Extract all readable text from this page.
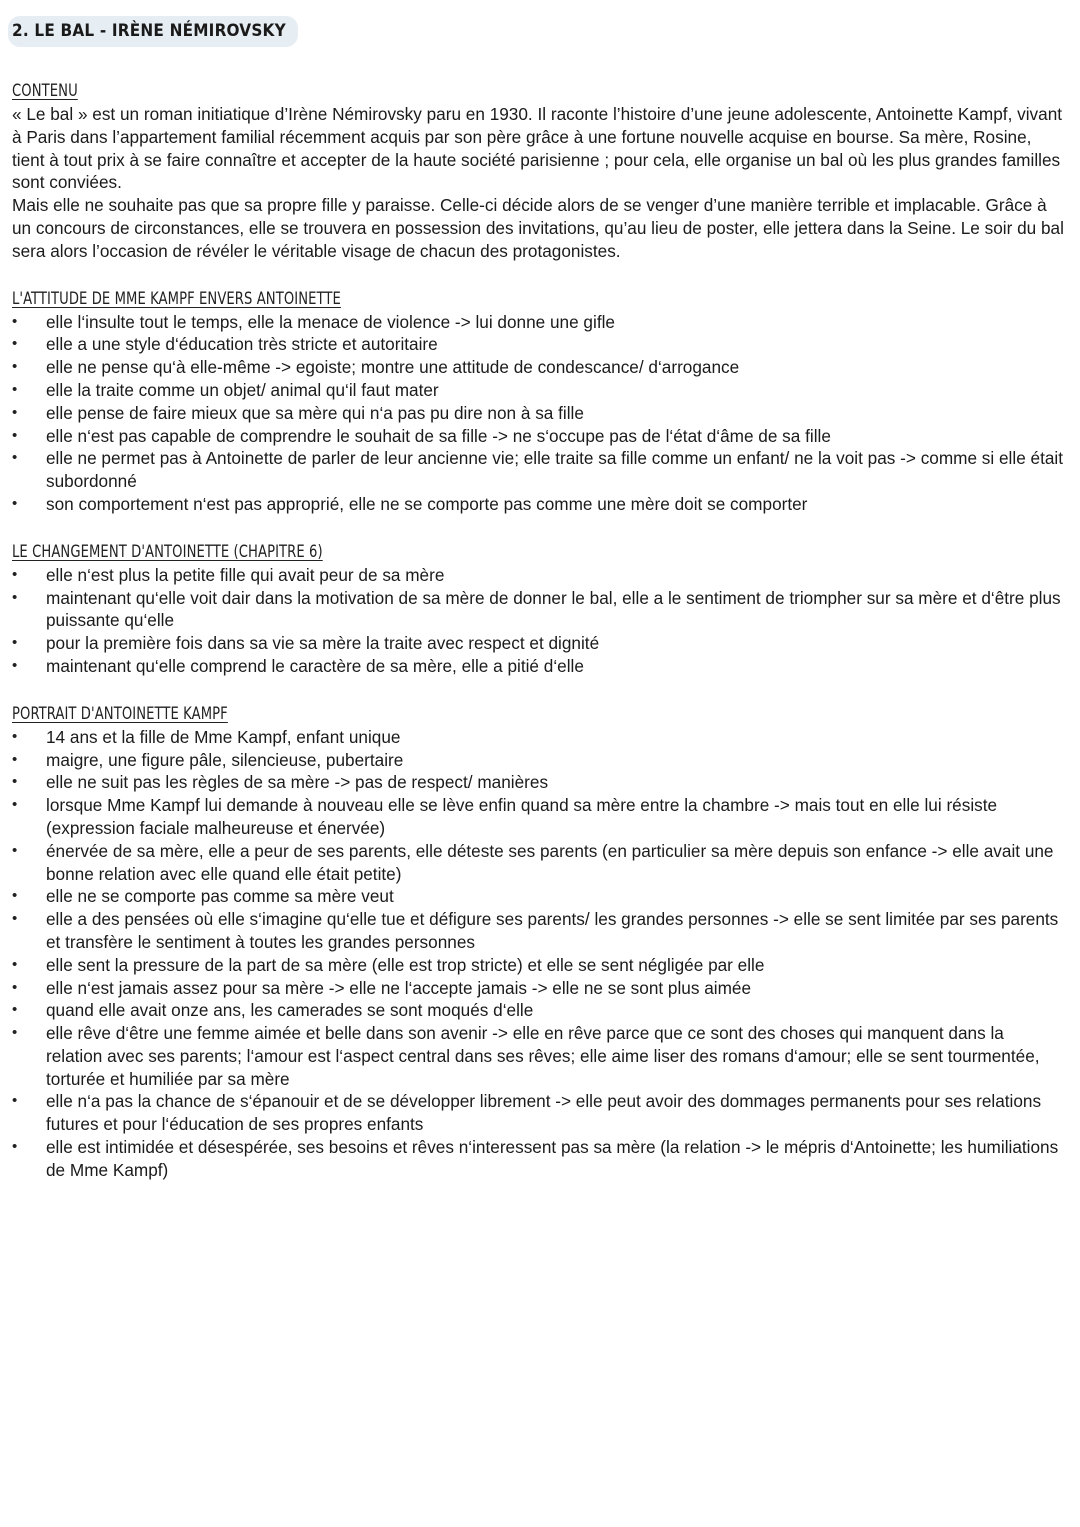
2. LE BAL - IRÈNE NÉMIROVSKY
CONTENU

« Le bal » est un roman initiatique d’Irène Némirovsky paru en 1930. Il raconte l’histoire d’une jeune adolescente, Antoinette Kampf, vivant à Paris dans l’appartement familial récemment acquis par son père grâce à une fortune nouvelle acquise en bourse. Sa mère, Rosine, tient à tout prix à se faire connaître et accepter de la haute société parisienne ; pour cela, elle organise un bal où les plus grandes familles sont conviées.

Mais elle ne souhaite pas que sa propre fille y paraisse. Celle-ci décide alors de se venger d’une manière terrible et implacable. Grâce à un concours de circonstances, elle se trouvera en possession des invitations, qu’au lieu de poster, elle jettera dans la Seine. Le soir du bal sera alors l’occasion de révéler le véritable visage de chacun des protagonistes.

L'ATTITUDE DE MME KAMPF ENVERS ANTOINETTE
• elle l‘insulte tout le temps, elle la menace de violence -> lui donne une gifle
• elle a une style d‘éducation très stricte et autoritaire
• elle ne pense qu‘à elle-même -> egoiste; montre une attitude de condescance/ d‘arrogance
• elle la traite comme un objet/ animal qu‘il faut mater
• elle pense de faire mieux que sa mère qui n‘a pas pu dire non à sa fille
• elle n‘est pas capable de comprendre le souhait de sa fille -> ne s‘occupe pas de l‘état d‘âme de sa fille
• elle ne permet pas à Antoinette de parler de leur ancienne vie; elle traite sa fille comme un enfant/ ne la voit pas -> comme si elle était subordonné
• son comportement n‘est pas approprié, elle ne se comporte pas comme une mère doit se comporter
LE CHANGEMENT D'ANTOINETTE (CHAPITRE 6)
• elle n‘est plus la petite fille qui avait peur de sa mère
• maintenant qu‘elle voit dair dans la motivation de sa mère de donner le bal, elle a le sentiment de triompher sur sa mère et d‘être plus puissante qu‘elle
• pour la première fois dans sa vie sa mère la traite avec respect et dignité
• maintenant qu‘elle comprend le caractère de sa mère, elle a pitié d‘elle
PORTRAIT D'ANTOINETTE KAMPF
• 14 ans et la fille de Mme Kampf, enfant unique
• maigre, une figure pâle, silencieuse, pubertaire
• elle ne suit pas les règles de sa mère -> pas de respect/ manières
• lorsque Mme Kampf lui demande à nouveau elle se lève enfin quand sa mère entre la chambre -> mais tout en elle lui résiste (expression faciale malheureuse et énervée)
• énervée de sa mère, elle a peur de ses parents, elle déteste ses parents (en particulier sa mère depuis son enfance -> elle avait une bonne relation avec elle quand elle était petite)
• elle ne se comporte pas comme sa mère veut
• elle a des pensées où elle s‘imagine qu‘elle tue et défigure ses parents/ les grandes personnes -> elle se sent limitée par ses parents et transfère le sentiment à toutes les grandes personnes
• elle sent la pressure de la part de sa mère (elle est trop stricte) et elle se sent négligée par elle
• elle n‘est jamais assez pour sa mère -> elle ne l‘accepte jamais -> elle ne se sont plus aimée
• quand elle avait onze ans, les camerades se sont moqués d‘elle
• elle rêve d‘être une femme aimée et belle dans son avenir -> elle en rêve parce que ce sont des choses qui manquent dans la relation avec ses parents; l‘amour est l‘aspect central dans ses rêves; elle aime liser des romans d‘amour; elle se sent tourmentée, torturée et humiliée par sa mère
• elle n‘a pas la chance de s‘épanouir et de se développer librement -> elle peut avoir des dommages permanents pour ses relations futures et pour l‘éducation de ses propres enfants
• elle est intimidée et désespérée, ses besoins et rêves n‘interessent pas sa mère (la relation -> le mépris d‘Antoinette; les humiliations de Mme Kampf)
